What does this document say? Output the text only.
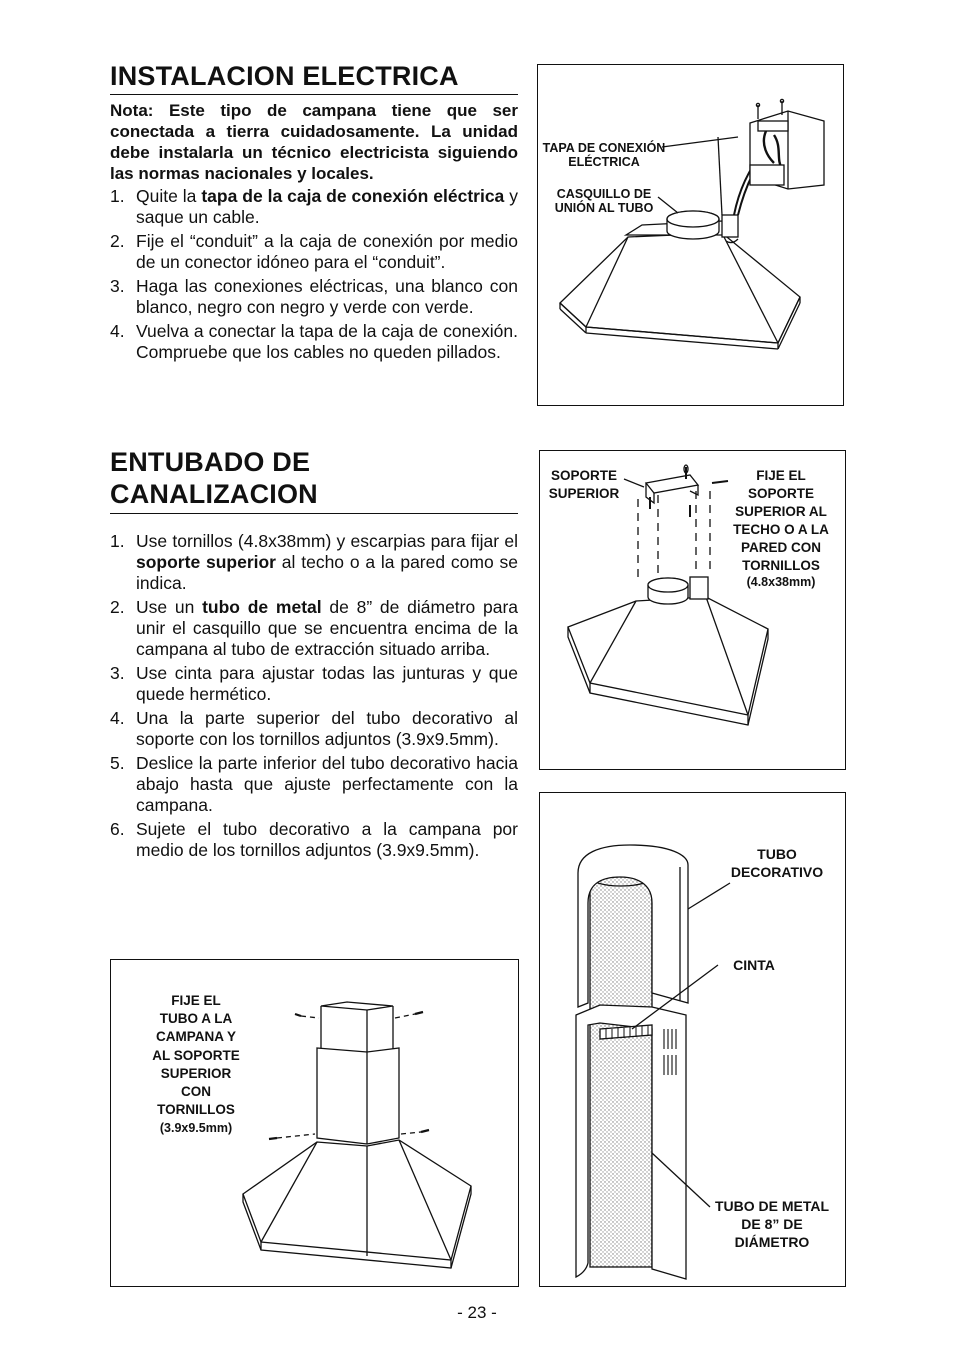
INSTALACION ELECTRICA
Nota: Este tipo de campana tiene que ser conectada a tierra cuidadosamente. La unidad debe instalarla un técnico electricista siguiendo las normas nacionales y locales.
1. Quite la tapa de la caja de conexión eléctrica y saque un cable.
2. Fije el “conduit” a la caja de conexión por medio de un conector idóneo para el “conduit”.
3. Haga las conexiones eléctricas, una blanco con blanco, negro con negro y verde con verde.
4. Vuelva a conectar la tapa de la caja de conexión. Compruebe que los cables no queden pillados.
ENTUBADO DE
CANALIZACION
1. Use tornillos (4.8x38mm) y escarpias para fijar el soporte superior al techo o a la pared como se indica.
2. Use un tubo de metal de 8” de diámetro para unir el casquillo que se encuentra encima de la campana al tubo de extracción situado arriba.
3. Use cinta para ajustar todas las junturas y que quede hermético.
4. Una la parte superior del tubo decorativo al soporte con los tornillos adjuntos (3.9x9.5mm).
5. Deslice la parte inferior del tubo decorativo hacia abajo hasta que ajuste perfectamente con la campana.
6. Sujete el tubo decorativo a la campana por medio de los tornillos adjuntos (3.9x9.5mm).
TAPA DE CONEXIÓN
ELÉCTRICA
CASQUILLO DE
UNIÓN AL TUBO
SOPORTE
SUPERIOR
FIJE EL
SOPORTE
SUPERIOR AL
TECHO O A LA
PARED CON
TORNILLOS
(4.8x38mm)
TUBO
DECORATIVO
CINTA
TUBO DE METAL
DE 8” DE
DIÁMETRO
FIJE EL
TUBO A LA
CAMPANA Y
AL SOPORTE
SUPERIOR
CON
TORNILLOS
(3.9x9.5mm)
- 23 -
